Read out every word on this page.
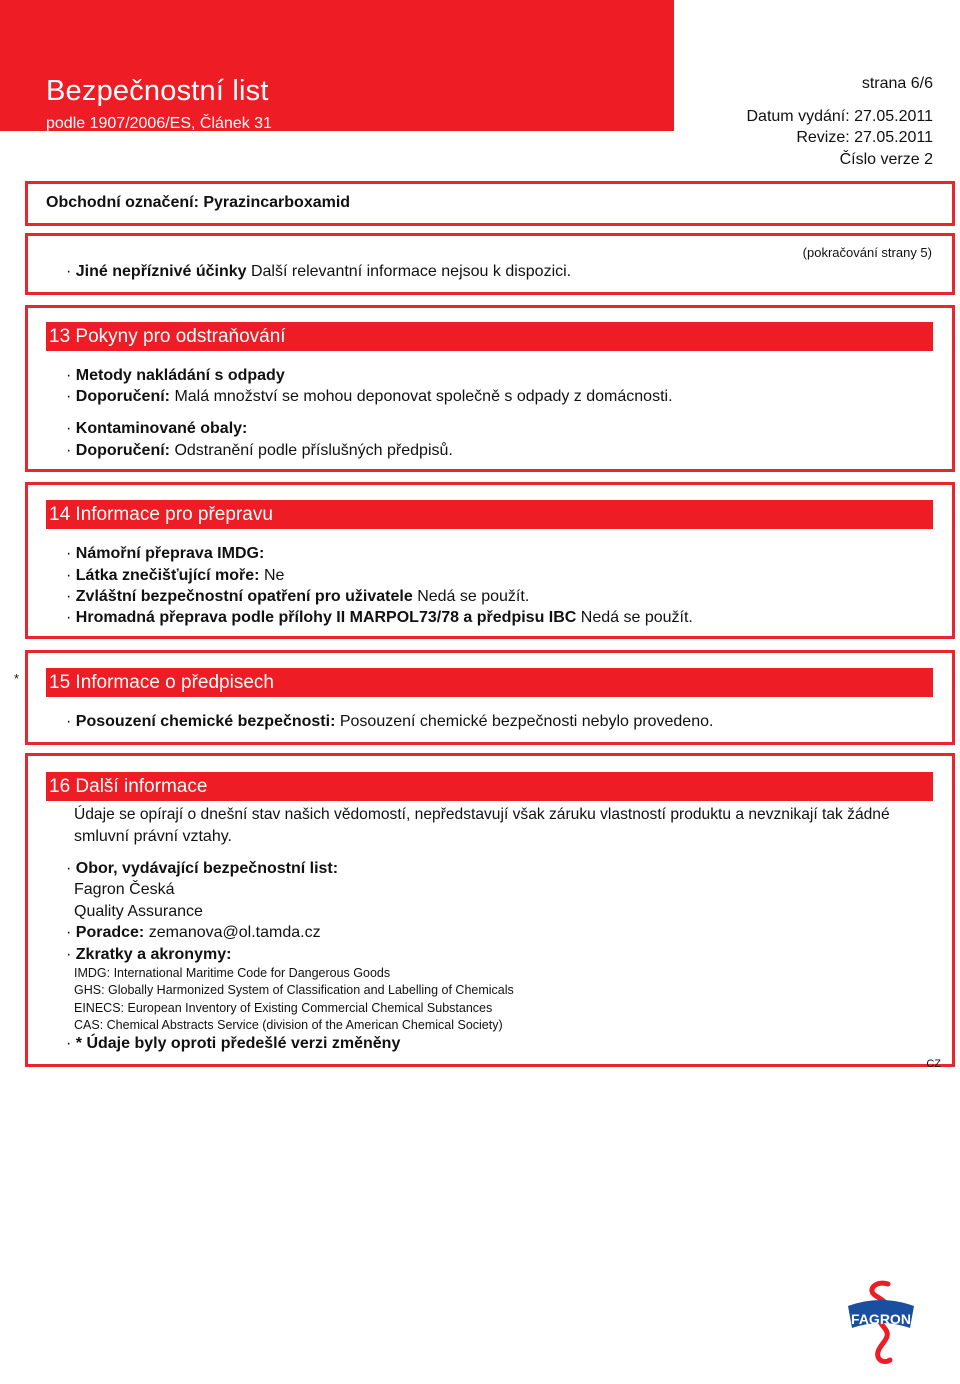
Bezpečnostní list
podle 1907/2006/ES, Článek 31
strana 6/6
Datum vydání: 27.05.2011
Revize: 27.05.2011
Číslo verze 2
Obchodní označení: Pyrazincarboxamid
(pokračování strany 5)
· Jiné nepříznivé účinky Další relevantní informace nejsou k dispozici.
13 Pokyny pro odstraňování
· Metody nakládání s odpady
· Doporučení: Malá množství se mohou deponovat společně s odpady z domácnosti.
· Kontaminované obaly:
· Doporučení: Odstranění podle příslušných předpisů.
14 Informace pro přepravu
· Námořní přeprava IMDG:
· Látka znečišťující moře: Ne
· Zvláštní bezpečnostní opatření pro uživatele Nedá se použít.
· Hromadná přeprava podle přílohy II MARPOL73/78 a předpisu IBC Nedá se použít.
* 15 Informace o předpisech
· Posouzení chemické bezpečnosti: Posouzení chemické bezpečnosti nebylo provedeno.
16 Další informace
Údaje se opírají o dnešní stav našich vědomostí, nepředstavují však záruku vlastností produktu a nevznikají tak žádné
smluvní právní vztahy.
· Obor, vydávající bezpečnostní list:
Fagron Česká
Quality Assurance
· Poradce: zemanova@ol.tamda.cz
· Zkratky a akronymy:
IMDG: International Maritime Code for Dangerous Goods
GHS: Globally Harmonized System of Classification and Labelling of Chemicals
EINECS: European Inventory of Existing Commercial Chemical Substances
CAS: Chemical Abstracts Service (division of the American Chemical Society)
· * Údaje byly oproti předešlé verzi změněny
CZ
FAGRON
